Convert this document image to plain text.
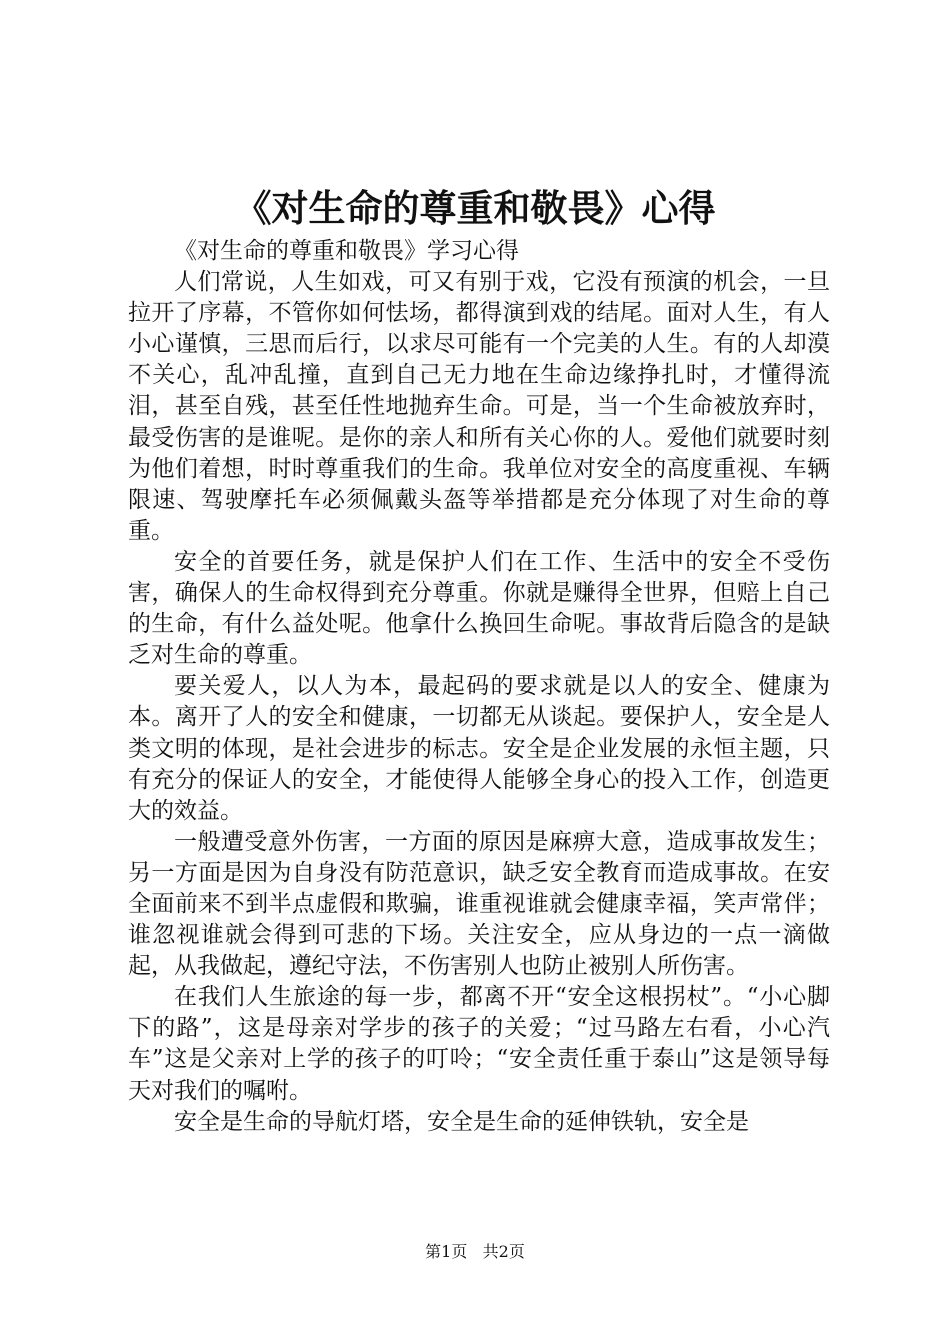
《对生命的尊重和敬畏》心得

《对生命的尊重和敬畏》学习心得

人们常说，人生如戏，可又有别于戏，它没有预演的机会，一旦拉开了序幕，不管你如何怯场，都得演到戏的结尾。面对人生，有人小心谨慎，三思而后行，以求尽可能有一个完美的人生。有的人却漠不关心，乱冲乱撞，直到自己无力地在生命边缘挣扎时，才懂得流泪，甚至自残，甚至任性地抛弃生命。可是，当一个生命被放弃时，最受伤害的是谁呢。是你的亲人和所有关心你的人。爱他们就要时刻为他们着想，时时尊重我们的生命。我单位对安全的高度重视、车辆限速、驾驶摩托车必须佩戴头盔等举措都是充分体现了对生命的尊重。

安全的首要任务，就是保护人们在工作、生活中的安全不受伤害，确保人的生命权得到充分尊重。你就是赚得全世界，但赔上自己的生命，有什么益处呢。他拿什么换回生命呢。事故背后隐含的是缺乏对生命的尊重。

要关爱人，以人为本，最起码的要求就是以人的安全、健康为本。离开了人的安全和健康，一切都无从谈起。要保护人，安全是人类文明的体现，是社会进步的标志。安全是企业发展的永恒主题，只有充分的保证人的安全，才能使得人能够全身心的投入工作，创造更大的效益。

一般遭受意外伤害，一方面的原因是麻痹大意，造成事故发生；另一方面是因为自身没有防范意识，缺乏安全教育而造成事故。在安全面前来不到半点虚假和欺骗，谁重视谁就会健康幸福，笑声常伴；谁忽视谁就会得到可悲的下场。关注安全，应从身边的一点一滴做起，从我做起，遵纪守法，不伤害别人也防止被别人所伤害。

在我们人生旅途的每一步，都离不开“安全这根拐杖”。“小心脚下的路”，这是母亲对学步的孩子的关爱；“过马路左右看，小心汽车”这是父亲对上学的孩子的叮呤；“安全责任重于泰山”这是领导每天对我们的嘱咐。

安全是生命的导航灯塔，安全是生命的延伸铁轨，安全是

第1页 共2页
